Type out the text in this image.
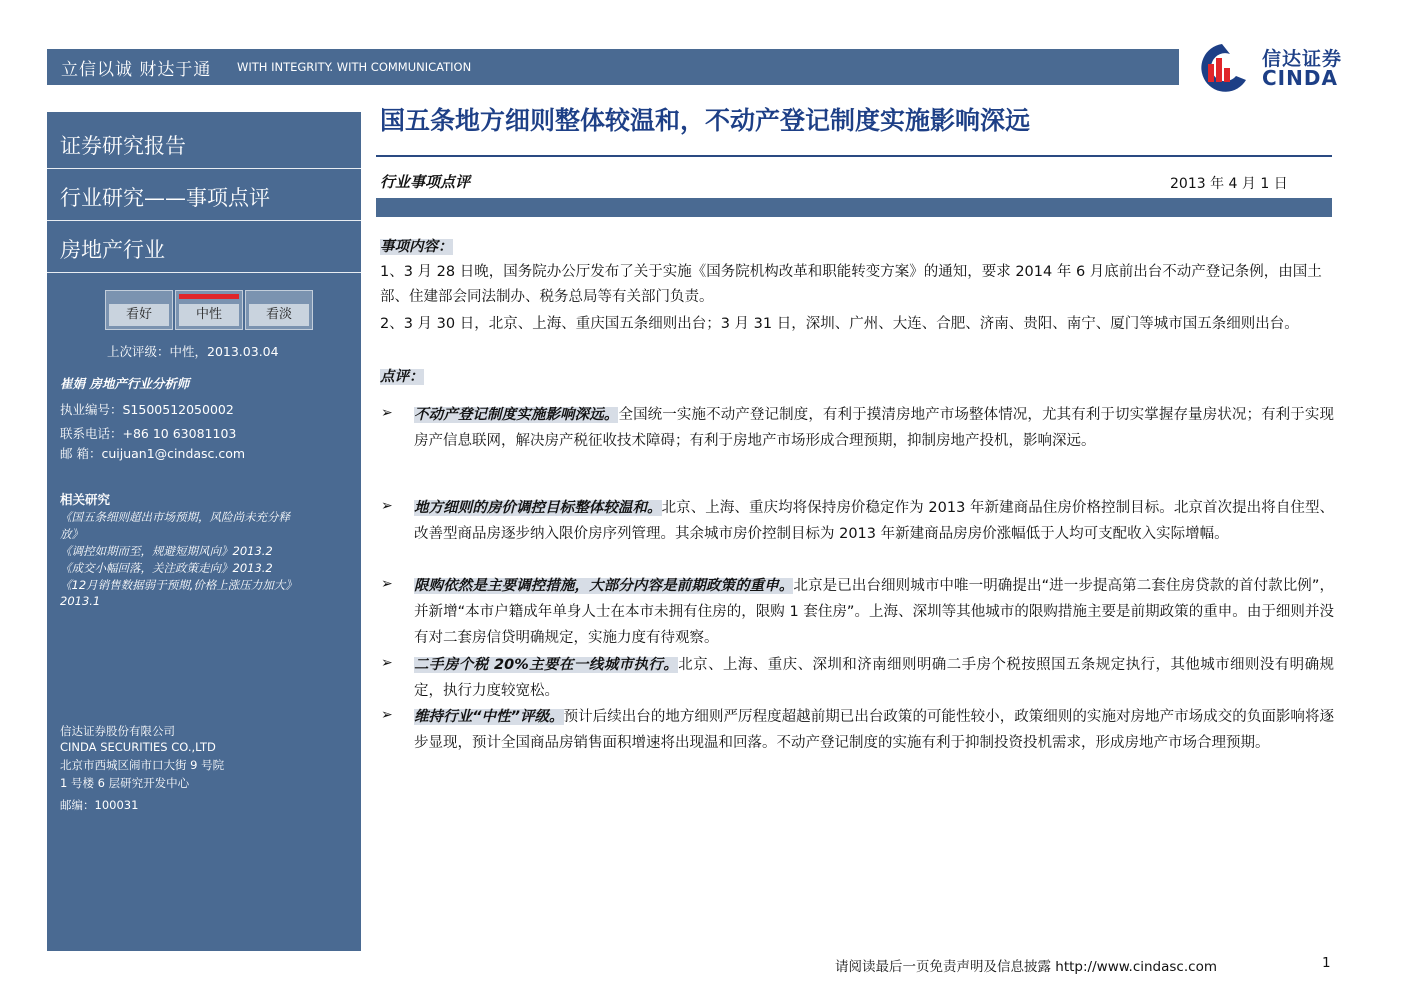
立信以诚 财达于通 WITH INTEGRITY. WITH COMMUNICATION	信达证券
CINDA
证券研究报告
行业研究——事项点评
房地产行业
看好	中性	看淡
上次评级：中性，2013.03.04
崔娟 房地产行业分析师
执业编号：S1500512050002
联系电话：+86 10 63081103
邮 箱：cuijuan1@cindasc.com
相关研究
《国五条细则超出市场预期，风险尚未充分释
放》
《调控如期而至，规避短期风向》2013.2
《成交小幅回落，关注政策走向》2013.2
《12月销售数据弱于预期,价格上涨压力加大》
2013.1
信达证券股份有限公司
CINDA SECURITIES CO.,LTD
北京市西城区闹市口大街 9 号院
1 号楼 6 层研究开发中心
邮编：100031
国五条地方细则整体较温和，不动产登记制度实施影响深远
行业事项点评	2013 年 4 月 1 日
事项内容：
1、3 月 28 日晚，国务院办公厅发布了关于实施《国务院机构改革和职能转变方案》的通知，要求 2014 年 6 月底前出台不动产登记条例，由国土部、住建部会同法制办、税务总局等有关部门负责。
2、3 月 30 日，北京、上海、重庆国五条细则出台；3 月 31 日，深圳、广州、大连、合肥、济南、贵阳、南宁、厦门等城市国五条细则出台。
点评：
➢ 不动产登记制度实施影响深远。全国统一实施不动产登记制度，有利于摸清房地产市场整体情况，尤其有利于切实掌握存量房状况；有利于实现房产信息联网，解决房产税征收技术障碍；有利于房地产市场形成合理预期，抑制房地产投机，影响深远。
➢ 地方细则的房价调控目标整体较温和。北京、上海、重庆均将保持房价稳定作为 2013 年新建商品住房价格控制目标。北京首次提出将自住型、改善型商品房逐步纳入限价房序列管理。其余城市房价控制目标为 2013 年新建商品房房价涨幅低于人均可支配收入实际增幅。
➢ 限购依然是主要调控措施，大部分内容是前期政策的重申。北京是已出台细则城市中唯一明确提出“进一步提高第二套住房贷款的首付款比例”，并新增“本市户籍成年单身人士在本市未拥有住房的，限购 1 套住房”。上海、深圳等其他城市的限购措施主要是前期政策的重申。由于细则并没有对二套房信贷明确规定，实施力度有待观察。
➢ 二手房个税 20%主要在一线城市执行。北京、上海、重庆、深圳和济南细则明确二手房个税按照国五条规定执行，其他城市细则没有明确规定，执行力度较宽松。
➢ 维持行业“中性”评级。预计后续出台的地方细则严厉程度超越前期已出台政策的可能性较小，政策细则的实施对房地产市场成交的负面影响将逐步显现，预计全国商品房销售面积增速将出现温和回落。不动产登记制度的实施有利于抑制投资投机需求，形成房地产市场合理预期。
请阅读最后一页免责声明及信息披露 http://www.cindasc.com	1
